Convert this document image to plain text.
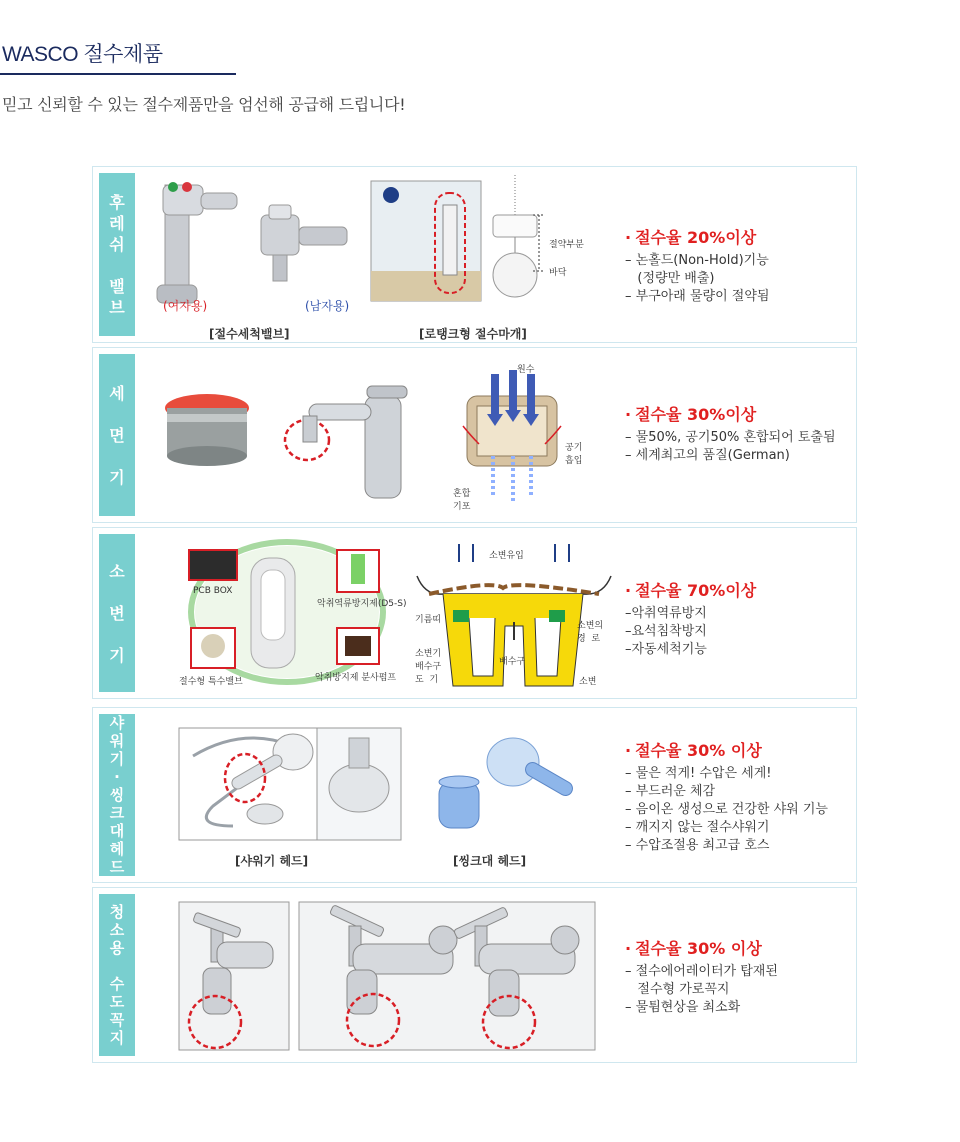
WASCO 절수제품
믿고 신뢰할 수 있는 절수제품만을 엄선해 공급해 드립니다!
후
레
쉬

밸
브	(여자용)	(남자용)
[절수세척밸브]	[로탱크형 절수마개]
절약부분
바닥
· 절수율 20%이상
– 논홀드(Non-Hold)기능
(정량만 배출)
– 부구아래 물량이 절약됨
세

면

기
원수
공기
흡입
혼합
기포
· 절수율 30%이상
– 물50%, 공기50% 혼합되어 토출됨
– 세계최고의 품질(German)
소

변

기
PCB BOX
악취역류방지제(D5-S)
절수형 특수밸브	악취방지제 분사펌프
소변유입
기름띠
소변의
경  로
소변기
배수구
도  기
배수구
소변
· 절수율 70%이상
–악취역류방지
–요석침착방지
–자동세척기능
샤
워
기
·
씽
크
대
헤
드	[샤워기 헤드]	[씽크대 헤드]
· 절수율 30% 이상
– 물은 적게! 수압은 세게!
– 부드러운 체감
– 음이온 생성으로 건강한 샤워 기능
– 깨지지 않는 절수샤워기
– 수압조절용 최고급 호스
청
소
용

수
도
꼭
지
· 절수율 30% 이상
– 절수에어레이터가 탑재된
절수형 가로꼭지
– 물튐현상을 최소화
